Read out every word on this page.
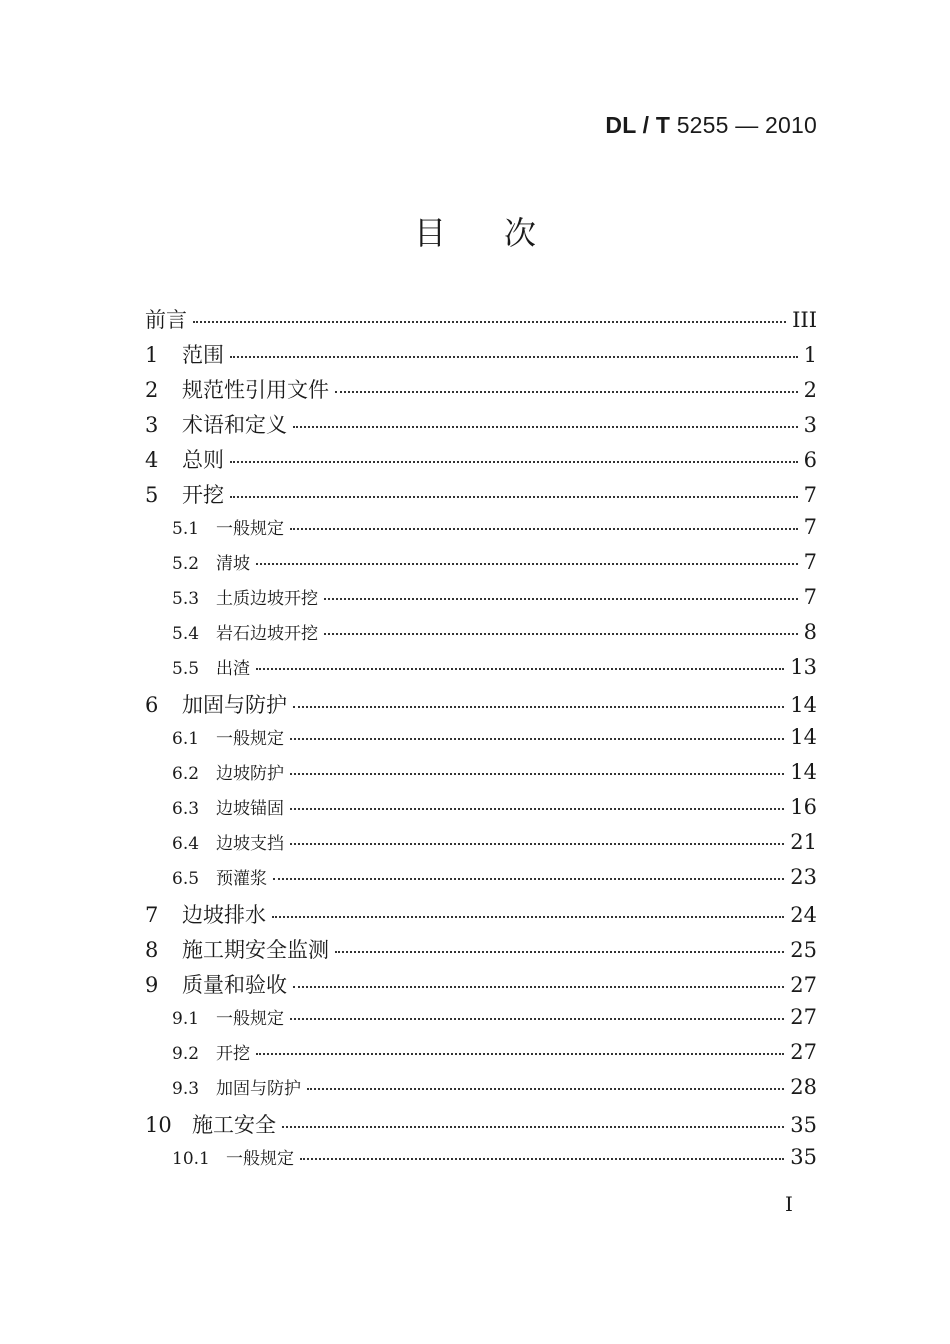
DL / T 5255 — 2010
目次
前言	III
1	范围	1
2	规范性引用文件	2
3	术语和定义	3
4	总则	6
5	开挖	7
5.1 一般规定	7
5.2 清坡	7
5.3 土质边坡开挖	7
5.4 岩石边坡开挖	8
5.5 出渣	13
6	加固与防护	14
6.1 一般规定	14
6.2 边坡防护	14
6.3 边坡锚固	16
6.4 边坡支挡	21
6.5 预灌浆	23
7	边坡排水	24
8	施工期安全监测	25
9	质量和验收	27
9.1 一般规定	27
9.2 开挖	27
9.3 加固与防护	28
10 施工安全	35
10.1 一般规定	35
I
